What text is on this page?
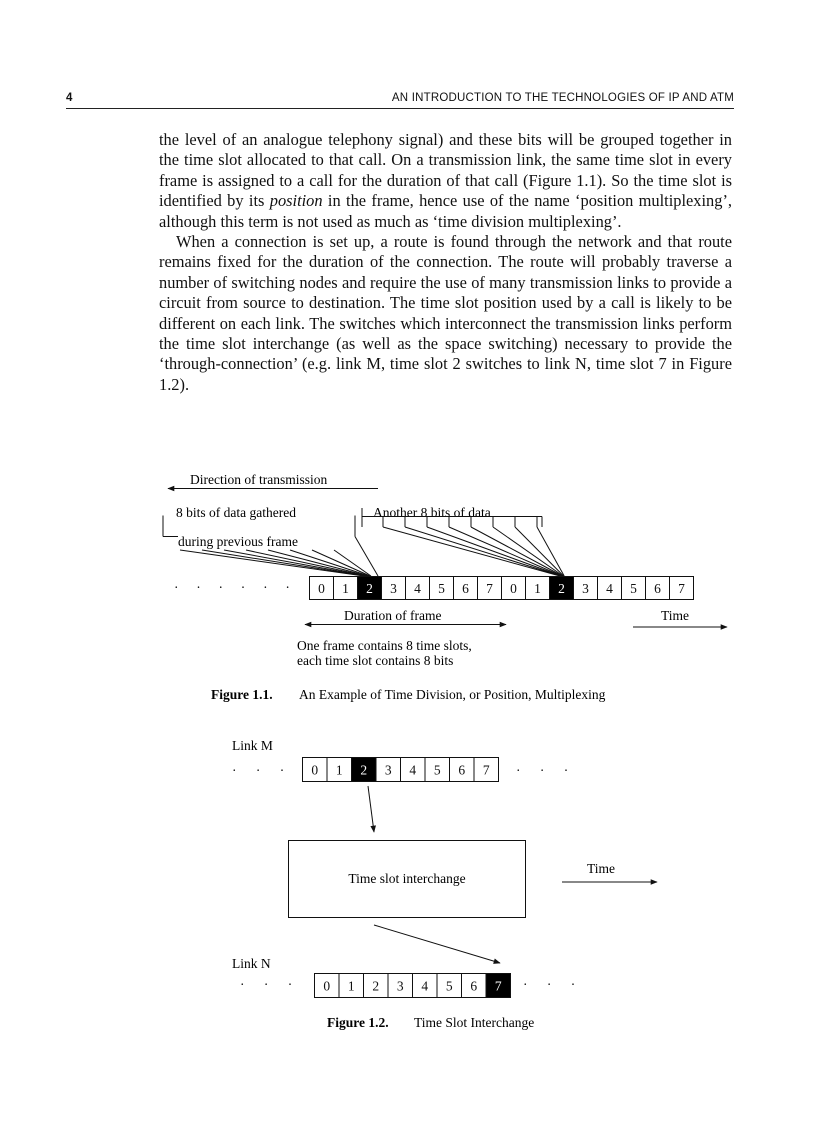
4	AN INTRODUCTION TO THE TECHNOLOGIES OF IP AND ATM

the level of an analogue telephony signal) and these bits will be grouped together in the time slot allocated to that call. On a transmission link, the same time slot in every frame is assigned to a call for the duration of that call (Figure 1.1). So the time slot is identified by its position in the frame, hence use of the name ‘position multiplexing’, although this term is not used as much as ‘time division multiplexing’.

When a connection is set up, a route is found through the network and that route remains fixed for the duration of the connection. The route will probably traverse a number of switching nodes and require the use of many transmission links to provide a circuit from source to destination. The time slot position used by a call is likely to be different on each link. The switches which interconnect the transmission links perform the time slot interchange (as well as the space switching) necessary to provide the ‘through-connection’ (e.g. link M, time slot 2 switches to link N, time slot 7 in Figure 1.2).

Direction of transmission
8 bits of data gathered
during previous frame
Another 8 bits of data
0 1 2 3 4 5 6 7 0 1 2 3 4 5 6 7
· · · · · ·
Duration of frame	Time
One frame contains 8 time slots,
each time slot contains 8 bits
Figure 1.1. An Example of Time Division, or Position, Multiplexing
Link M
· · · 0 1 2 3 4 5 6 7 · · ·
Time slot interchange
Time
Link N
· · · 0 1 2 3 4 5 6 7 · · ·
Figure 1.2. Time Slot Interchange
